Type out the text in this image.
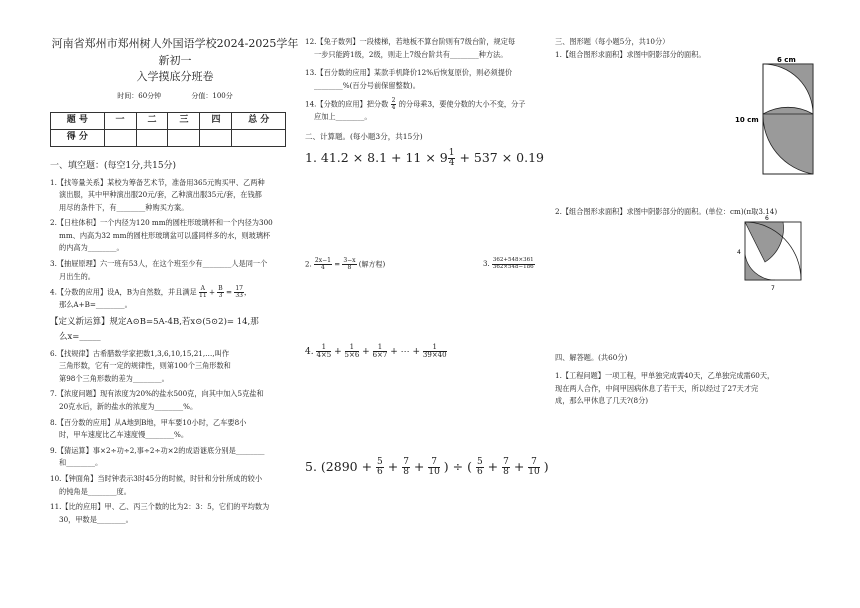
河南省郑州市郑州树人外国语学校2024-2025学年新初一
入学摸底分班卷
时间：60分钟	分值：100分
题 号	一	二	三	四	总 分
得 分					
一、填空题：(每空1分,共15分)
1.【找等量关系】某校为筹备艺术节，准备用365元购买甲、乙两种
演出服，其中甲种演出服20元/套，乙种演出服35元/套，在钱都
用尽的条件下，有________种购买方案。
2.【日柱体积】一个内径为120 mm的圆柱形玻璃杯和一个内径为300
mm、内高为32 mm的圆柱形玻璃盆可以盛同样多的水，则玻璃杯
的内高为________。
3.【抽屉原理】六一班有53人，在这个班至少有________人是同一个
月出生的。
4.【分数的应用】设A，B为自然数，并且满足 $\frac{A}{11} + \frac{B}{3} = \frac{17}{33}$ ，
那么A+B=________。
【定义新运算】规定A⊙B=5A-4B,若x⊙(5⊙2)= 14,那
么x=_____
6.【找规律】古希腊数学家把数1,3,6,10,15,21,…,叫作
三角形数，它有一定的规律性，则第100个三角形数和
第98个三角形数的差为________。
7.【浓度问题】现有浓度为20%的盐水500克，向其中加入5克盐和
20克水后，新的盐水的浓度为________%。
8.【百分数的应用】从A地到B地，甲车要10小时，乙车要8小
时，甲车速度比乙车速度慢________%。
9.【猜运算】事×2÷功÷2,事÷2÷功×2的成语谜底分别是________
和________。
10.【钟面角】当时钟表示3时45分的时候，时针和分针所成的较小
的钝角是________度。
11.【比的应用】甲、乙、丙三个数的比为2：3：5，它们的平均数为
30，甲数是________。
12.【兔子数列】一段楼梯，若地板不算台阶则有7级台阶，规定每
一步只能跨1级，2级，则走上7级台阶共有________种方法。
13.【百分数的应用】某款手机降价12%后恢复原价，则必须提价
________%(百分号前保留整数)。
14.【分数的应用】把分数 $\frac{2}{4}$ 的分母乘3，要使分数的大小不变，分子
应加上________。
二、计算题。(每小题3分，共15分)
1. $41.2 \times 8.1 + 11 \times 9 \frac{1}{4} + 537 \times 0.19$
2. $\frac{2x-1}{4} = \frac{3-x}{8}$ (解方程)	3. $\frac{362+548\times 361}{362\times 548-186}$
4. $\frac{1}{4\times 5} + \frac{1}{5\times 6} + \frac{1}{6\times 7}$ + ⋯ + $\frac{1}{39\times 40}$
5. ($2890 + \frac{5}{6} + \frac{7}{8} + \frac{7}{10}$ ) ÷ ( $\frac{5}{6} + \frac{7}{8} + \frac{7}{10}$ )
三、图形题（每小题5分，共10分）
1.【组合图形求面积】求图中阴影部分的面积。
6 cm
10 cm
2.【组合图形求面积】求图中阴影部分的面积。(单位：cm)(π取3.14)
6
4
7
四、解答题。(共60分)
1.【工程问题】一项工程，甲单独完成需40天，乙单独完成需60天，
现在两人合作，中间甲因病休息了若干天，所以经过了27天才完
成，那么甲休息了几天?(8分)
